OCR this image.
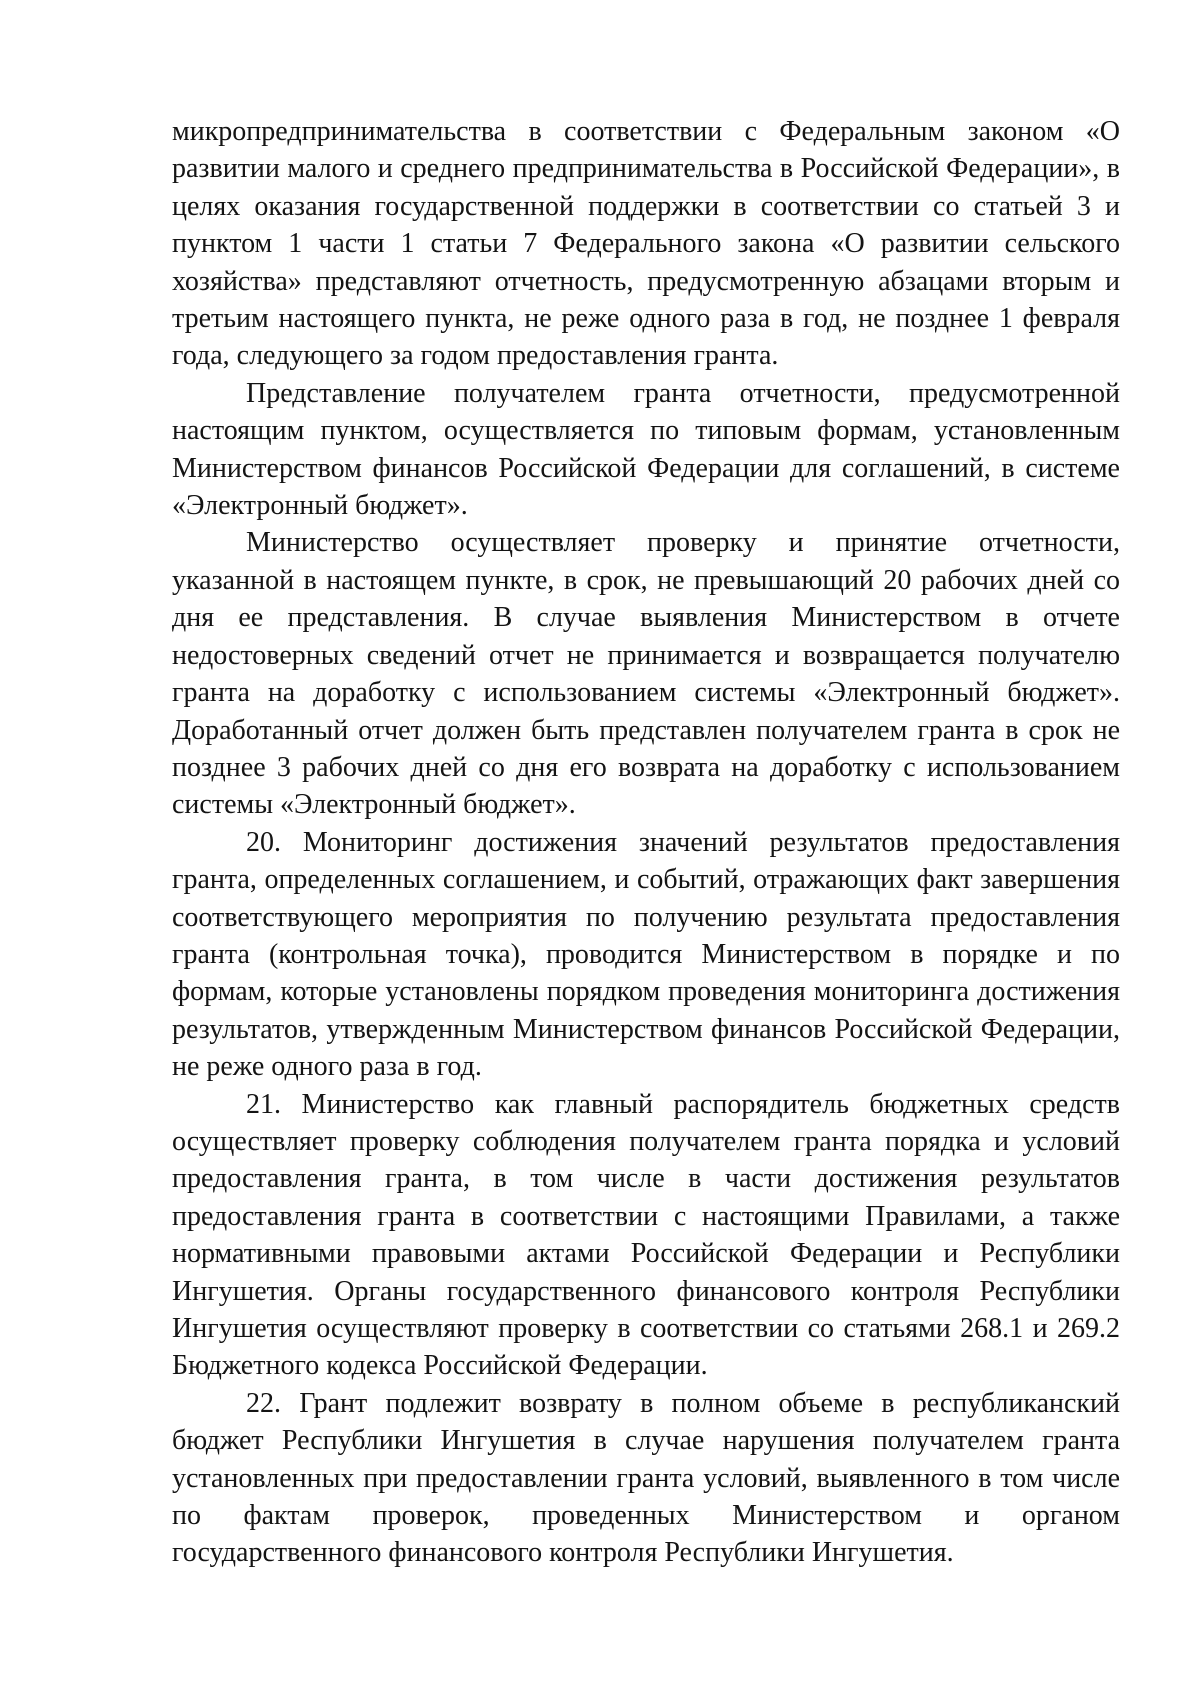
микропредпринимательства в соответствии с Федеральным законом «О развитии малого и среднего предпринимательства в Российской Федерации», в целях оказания государственной поддержки в соответствии со статьей 3 и пунктом 1 части 1 статьи 7 Федерального закона «О развитии сельского хозяйства» представляют отчетность, предусмотренную абзацами вторым и третьим настоящего пункта, не реже одного раза в год, не позднее 1 февраля года, следующего за годом предоставления гранта.

Представление получателем гранта отчетности, предусмотренной настоящим пунктом, осуществляется по типовым формам, установленным Министерством финансов Российской Федерации для соглашений, в системе «Электронный бюджет».

Министерство осуществляет проверку и принятие отчетности, указанной в настоящем пункте, в срок, не превышающий 20 рабочих дней со дня ее представления. В случае выявления Министерством в отчете недостоверных сведений отчет не принимается и возвращается получателю гранта на доработку с использованием системы «Электронный бюджет». Доработанный отчет должен быть представлен получателем гранта в срок не позднее 3 рабочих дней со дня его возврата на доработку с использованием системы «Электронный бюджет».

20. Мониторинг достижения значений результатов предоставления гранта, определенных соглашением, и событий, отражающих факт завершения соответствующего мероприятия по получению результата предоставления гранта (контрольная точка), проводится Министерством в порядке и по формам, которые установлены порядком проведения мониторинга достижения результатов, утвержденным Министерством финансов Российской Федерации, не реже одного раза в год.

21. Министерство как главный распорядитель бюджетных средств осуществляет проверку соблюдения получателем гранта порядка и условий предоставления гранта, в том числе в части достижения результатов предоставления гранта в соответствии с настоящими Правилами, а также нормативными правовыми актами Российской Федерации и Республики Ингушетия. Органы государственного финансового контроля Республики Ингушетия осуществляют проверку в соответствии со статьями 268.1 и 269.2 Бюджетного кодекса Российской Федерации.

22. Грант подлежит возврату в полном объеме в республиканский бюджет Республики Ингушетия в случае нарушения получателем гранта установленных при предоставлении гранта условий, выявленного в том числе по фактам проверок, проведенных Министерством и органом государственного финансового контроля Республики Ингушетия.
